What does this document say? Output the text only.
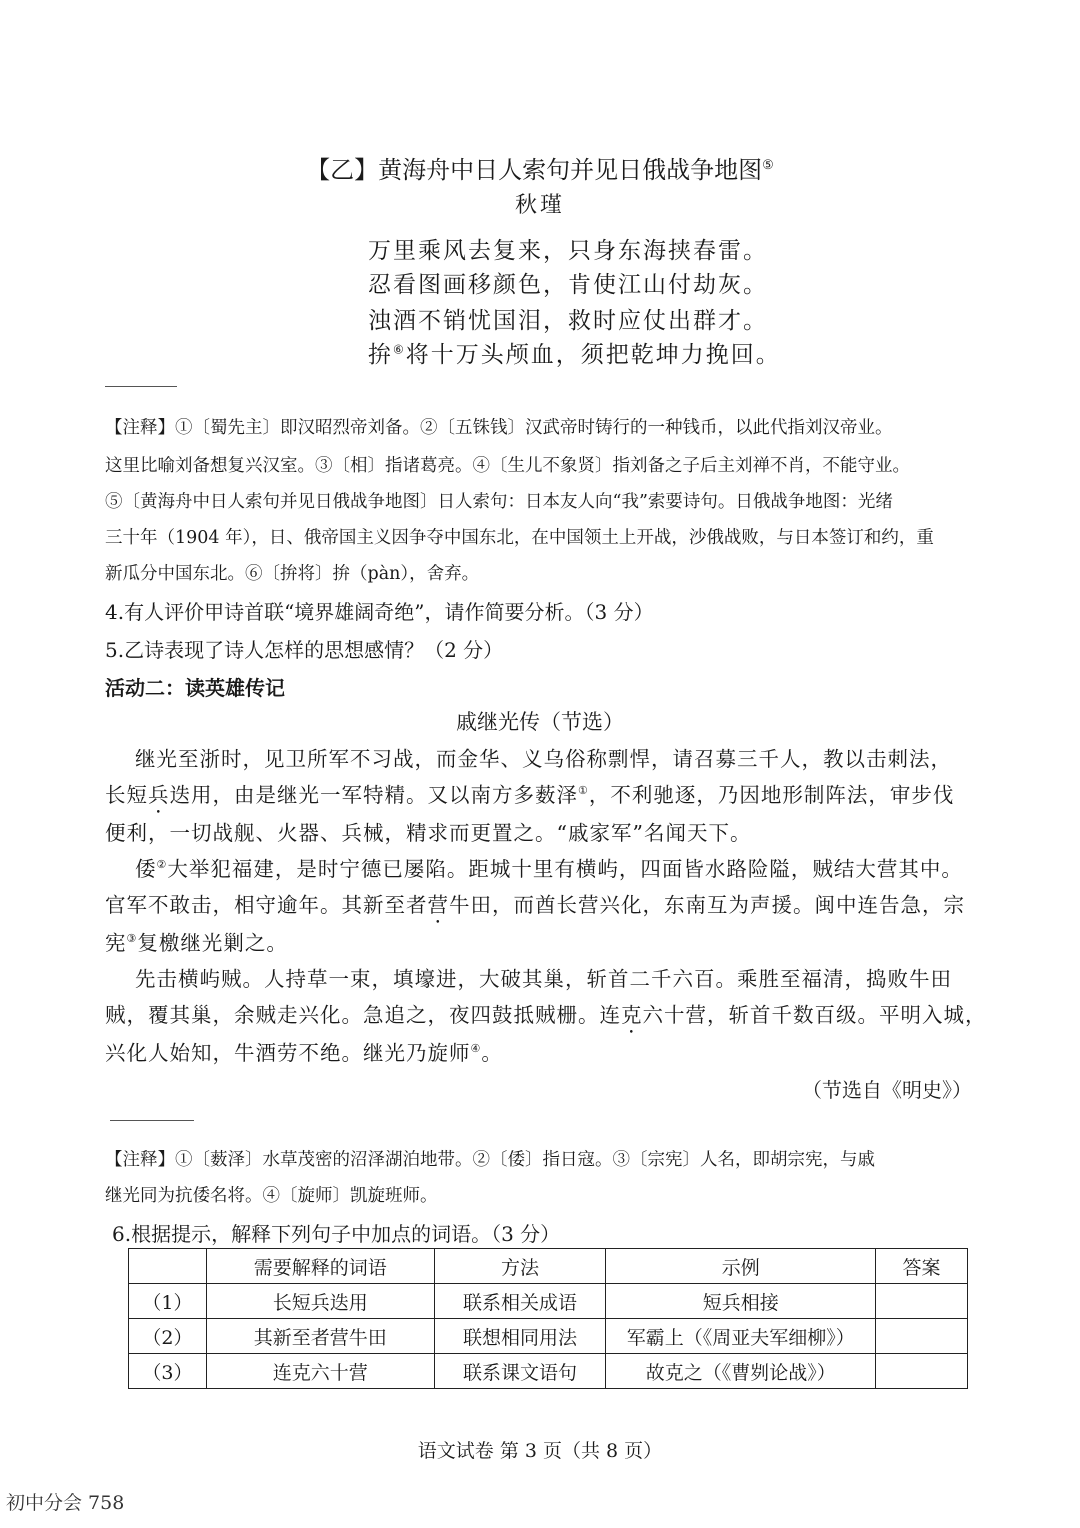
【乙】黄海舟中日人索句并见日俄战争地图⑤
秋瑾
万里乘风去复来，只身东海挟春雷。
忍看图画移颜色，肯使江山付劫灰。
浊酒不销忧国泪，救时应仗出群才。
拚⑥将十万头颅血，须把乾坤力挽回。
【注释】①〔蜀先主〕即汉昭烈帝刘备。②〔五铢钱〕汉武帝时铸行的一种钱币，以此代指刘汉帝业。
这里比喻刘备想复兴汉室。③〔相〕指诸葛亮。④〔生儿不象贤〕指刘备之子后主刘禅不肖，不能守业。
⑤〔黄海舟中日人索句并见日俄战争地图〕日人索句：日本友人向“我”索要诗句。日俄战争地图：光绪
三十年（1904 年），日、俄帝国主义因争夺中国东北，在中国领土上开战，沙俄战败，与日本签订和约，重
新瓜分中国东北。⑥〔拚将〕拚（pàn），舍弃。
4.有人评价甲诗首联“境界雄阔奇绝”，请作简要分析。（3 分）
5.乙诗表现了诗人怎样的思想感情？（2 分）
活动二：读英雄传记
戚继光传（节选）
继光至浙时，见卫所军不习战，而金华、义乌俗称剽悍，请召募三千人，教以击刺法，
长短兵迭用，由是继光一军特精。又以南方多薮泽①，不利驰逐，乃因地形制阵法，审步伐
便利，一切战舰、火器、兵械，精求而更置之。“戚家军”名闻天下。
倭②大举犯福建，是时宁德已屡陷。距城十里有横屿，四面皆水路险隘，贼结大营其中。
官军不敢击，相守逾年。其新至者营牛田，而酋长营兴化，东南互为声援。闽中连告急，宗
宪③复檄继光剿之。
先击横屿贼。人持草一束，填壕进，大破其巢，斩首二千六百。乘胜至福清，捣败牛田
贼，覆其巢，余贼走兴化。急追之，夜四鼓抵贼栅。连克六十营，斩首千数百级。平明入城，
兴化人始知，牛酒劳不绝。继光乃旋师④。
（节选自《明史》）
【注释】①〔薮泽〕水草茂密的沼泽湖泊地带。②〔倭〕指日寇。③〔宗宪〕人名，即胡宗宪，与戚
继光同为抗倭名将。④〔旋师〕凯旋班师。
6.根据提示，解释下列句子中加点的词语。（3 分）
	需要解释的词语	方法	示例	答案
（1）	长短兵迭用	联系相关成语	短兵相接	
（2）	其新至者营牛田	联想相同用法	军霸上（《周亚夫军细柳》）	
（3）	连克六十营	联系课文语句	故克之（《曹刿论战》）	
语文试卷 第 3 页（共 8 页）
初中分会 758
